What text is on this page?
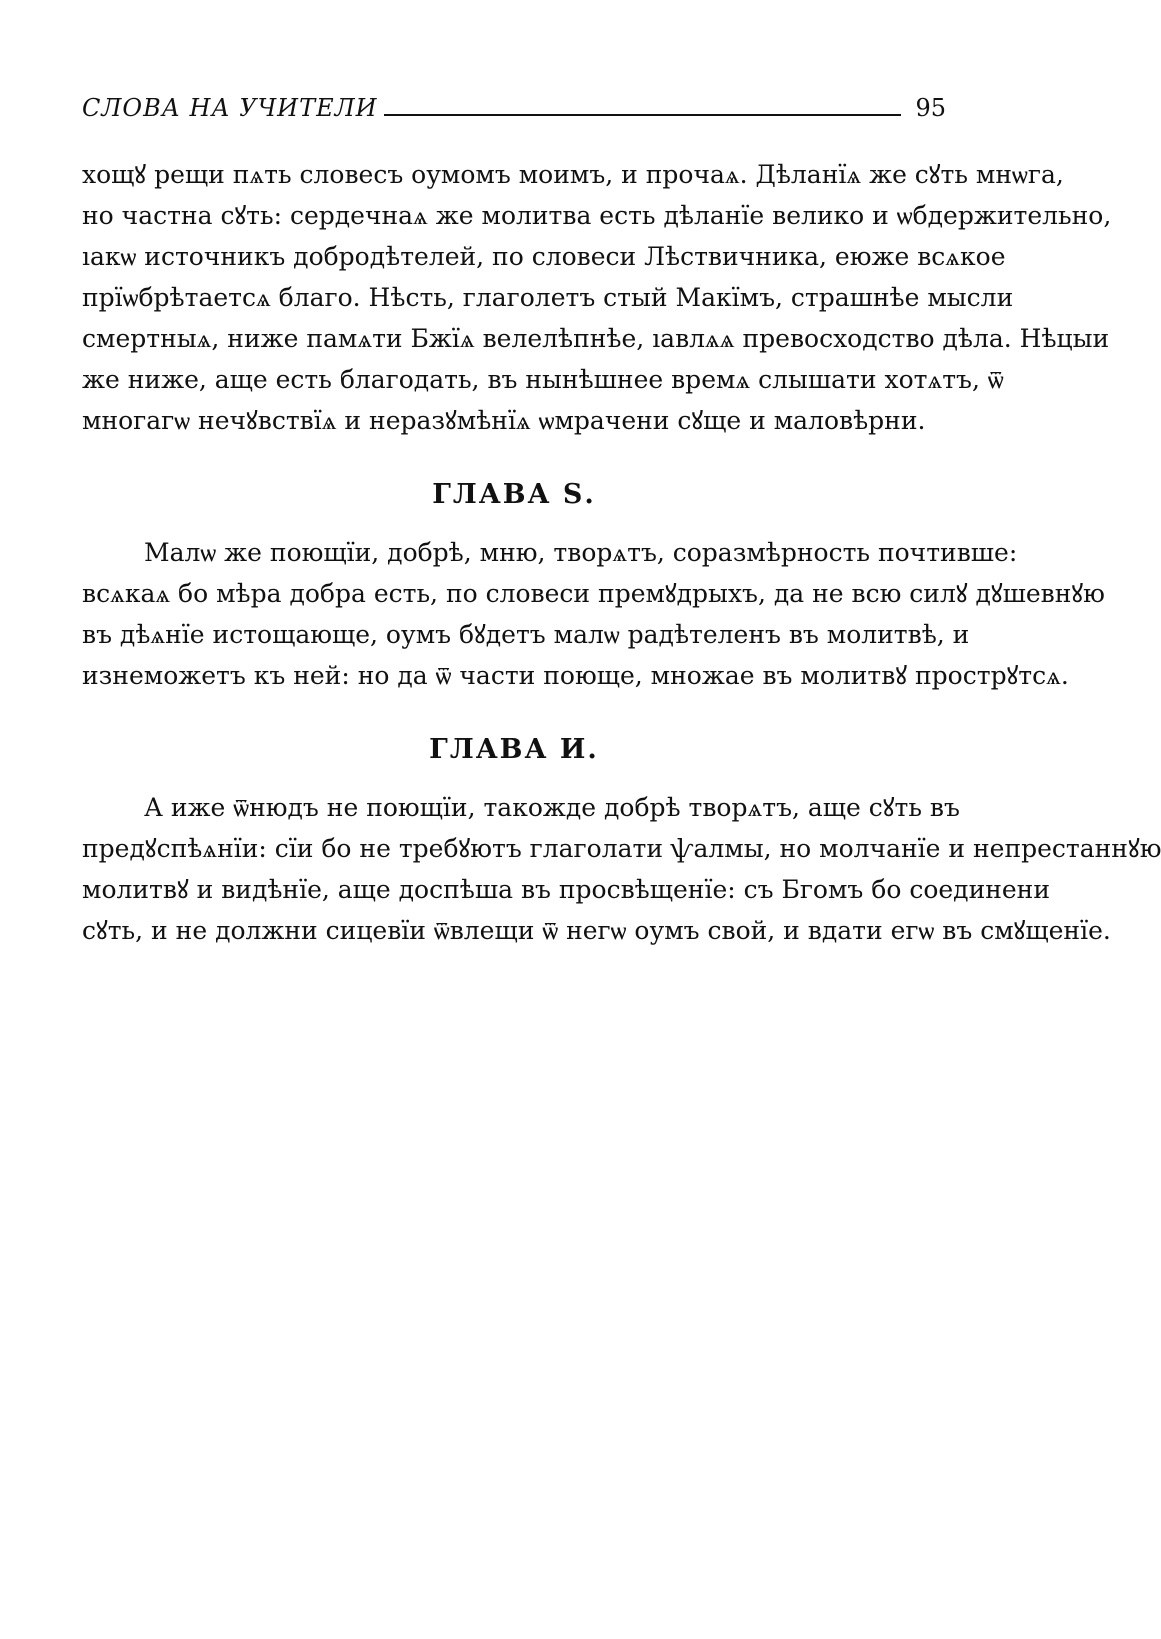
СЛОВА НА УЧИТЕЛИ	95
хощꙋ рещи пѧть словесъ оумомъ моимъ, и прочаѧ. Дѣланїѧ же сꙋть мнѡга,
но частна сꙋть: сердечнаѧ же молитва есть дѣланїе велико и ѡбдержительно,
ıакѡ источникъ добродѣтелей, по словеси Лѣствичника, еюже всѧкое
прїѡбрѣтаетсѧ благо. Нѣсть, глаголетъ стый Макїмъ, страшнѣе мысли
смертныѧ, ниже памѧти Бжїѧ велелѣпнѣе, ıавлѧѧ превосходство дѣла. Нѣцыи
же ниже, аще есть благодать, въ нынѣшнее времѧ слышати хотѧтъ, ѿ
многагѡ нечꙋвствїѧ и неразꙋмѣнїѧ ѡмрачени сꙋще и маловѣрни.
ГЛАВА Ѕ.
Малѡ же поющїи, добрѣ, мню, творѧтъ, соразмѣрность почтивше:
всѧкаѧ бо мѣра добра есть, по словеси премꙋдрыхъ, да не всю силꙋ дꙋшевнꙋю
въ дѣѧнїе истощающе, оумъ бꙋдетъ малѡ радѣтеленъ въ молитвѣ, и
изнеможетъ къ ней: но да ѿ части поюще, множае въ молитвꙋ прострꙋтсѧ.
ГЛАВА И.
А иже ѿнюдъ не поющїи, такожде добрѣ творѧтъ, аще сꙋть въ
предꙋспѣѧнїи: сїи бо не требꙋютъ глаголати ѱалмы, но молчанїе и непрестаннꙋю
молитвꙋ и видѣнїе, аще доспѣша въ просвѣщенїе: съ Бгомъ бо соединени
сꙋть, и не должни сицевїи ѿвлещи ѿ негѡ оумъ свой, и вдати егѡ въ смꙋщенїе.
